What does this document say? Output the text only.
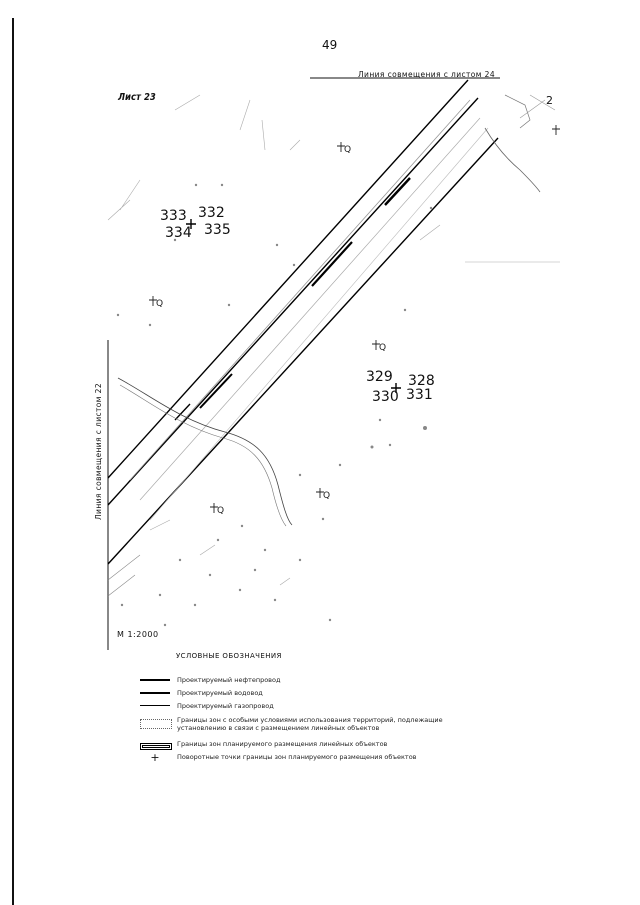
49
Q
Q
Q
Q
Q
Линия совмещения с листом 24
Линия совмещения с листом 22
Лист 23	2
333 332
334 335
329 328
330 331
М 1:2000
УСЛОВНЫЕ ОБОЗНАЧЕНИЯ
Проектируемый нефтепровод
Проектируемый водовод
Проектируемый газопровод
Границы зон с особыми условиями использования территорий, подлежащие установлению в связи с размещением линейных объектов
Границы зон планируемого размещения линейных объектов
+	Поворотные точки границы зон планируемого размещения объектов
